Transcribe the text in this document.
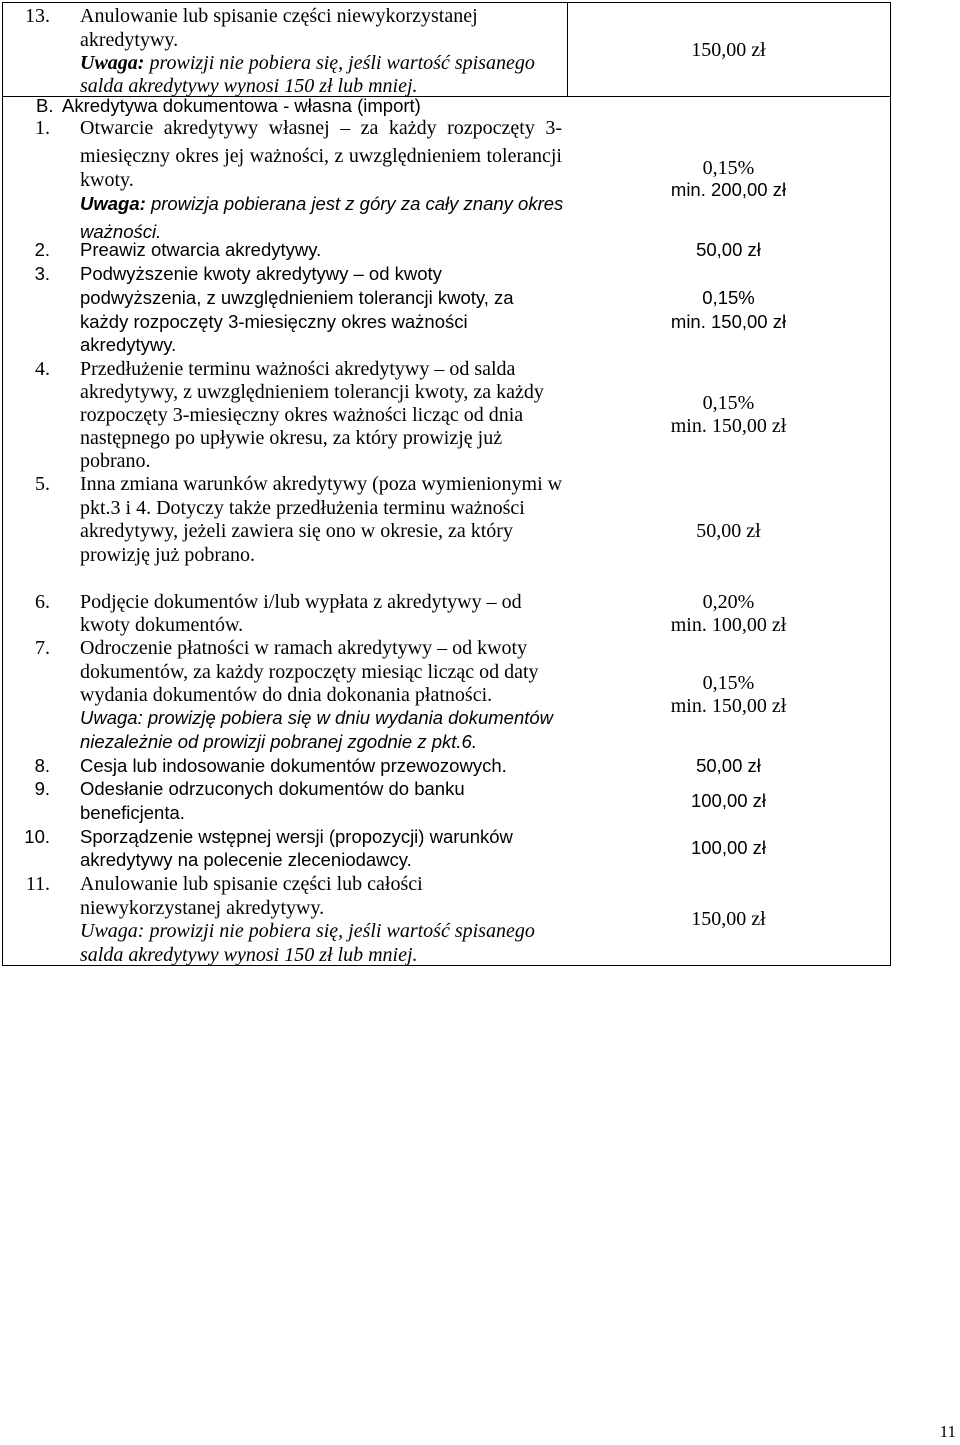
13. Anulowanie lub spisanie części niewykorzystanej
akredytywy.
Uwaga: prowizji nie pobiera się, jeśli wartość spisanego
salda akredytywy wynosi 150 zł lub mniej.
150,00 zł
B. Akredytywa dokumentowa - własna (import)
1. Otwarcie akredytywy własnej – za każdy rozpoczęty 3-
miesięczny okres jej ważności, z uwzględnieniem tolerancji
kwoty.
Uwaga: prowizja pobierana jest z góry za cały znany okres
ważności.
0,15%
min. 200,00 zł
2. Preawiz otwarcia akredytywy.	50,00 zł
3. Podwyższenie kwoty akredytywy – od kwoty
podwyższenia, z uwzględnieniem tolerancji kwoty, za
każdy rozpoczęty 3-miesięczny okres ważności
akredytywy.
0,15%
min. 150,00 zł
4. Przedłużenie terminu ważności akredytywy – od salda
akredytywy, z uwzględnieniem tolerancji kwoty, za każdy
rozpoczęty 3-miesięczny okres ważności licząc od dnia
następnego po upływie okresu, za który prowizję już
pobrano.
0,15%
min. 150,00 zł
5. Inna zmiana warunków akredytywy (poza wymienionymi w
pkt.3 i 4. Dotyczy także przedłużenia terminu ważności
akredytywy, jeżeli zawiera się ono w okresie, za który
prowizję już pobrano.
50,00 zł
6. Podjęcie dokumentów i/lub wypłata z akredytywy – od
kwoty dokumentów.
0,20%
min. 100,00 zł
7. Odroczenie płatności w ramach akredytywy – od kwoty
dokumentów, za każdy rozpoczęty miesiąc licząc od daty
wydania dokumentów do dnia dokonania płatności.
Uwaga: prowizję pobiera się w dniu wydania dokumentów
niezależnie od prowizji pobranej zgodnie z pkt.6.
0,15%
min. 150,00 zł
8. Cesja lub indosowanie dokumentów przewozowych.	50,00 zł
9. Odesłanie odrzuconych dokumentów do banku
beneficjenta.
100,00 zł
10. Sporządzenie wstępnej wersji (propozycji) warunków
akredytywy na polecenie zleceniodawcy.
100,00 zł
11. Anulowanie lub spisanie części lub całości
niewykorzystanej akredytywy.
Uwaga: prowizji nie pobiera się, jeśli wartość spisanego
salda akredytywy wynosi 150 zł lub mniej.
150,00 zł
11
